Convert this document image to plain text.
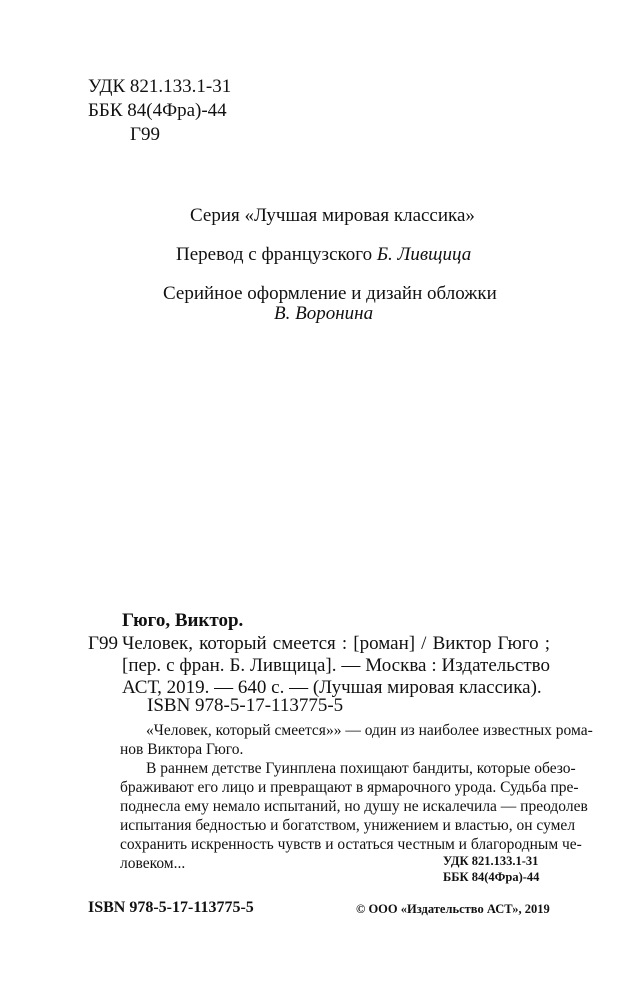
УДК 821.133.1-31
ББК 84(4Фра)-44
Г99
Серия «Лучшая мировая классика»
Перевод с французского Б. Ливщица
Серийное оформление и дизайн обложки
В. Воронина
Гюго, Виктор.
Г99 Человек, который смеется : [роман] / Виктор Гюго ;
[пер. с фран. Б. Ливщица]. — Москва : Издательство
АСТ, 2019. — 640 с. — (Лучшая мировая классика).
ISBN 978-5-17-113775-5
«Человек, который смеется»» — один из наиболее известных рома-
нов Виктора Гюго.
В раннем детстве Гуинплена похищают бандиты, которые обезо-
браживают его лицо и превращают в ярмарочного урода. Судьба пре-
поднесла ему немало испытаний, но душу не искалечила — преодолев
испытания бедностью и богатством, унижением и властью, он сумел
сохранить искренность чувств и остаться честным и благородным че-
ловеком...	УДК 821.133.1-31
ББК 84(4Фра)-44
ISBN 978-5-17-113775-5	© ООО «Издательство АСТ», 2019
